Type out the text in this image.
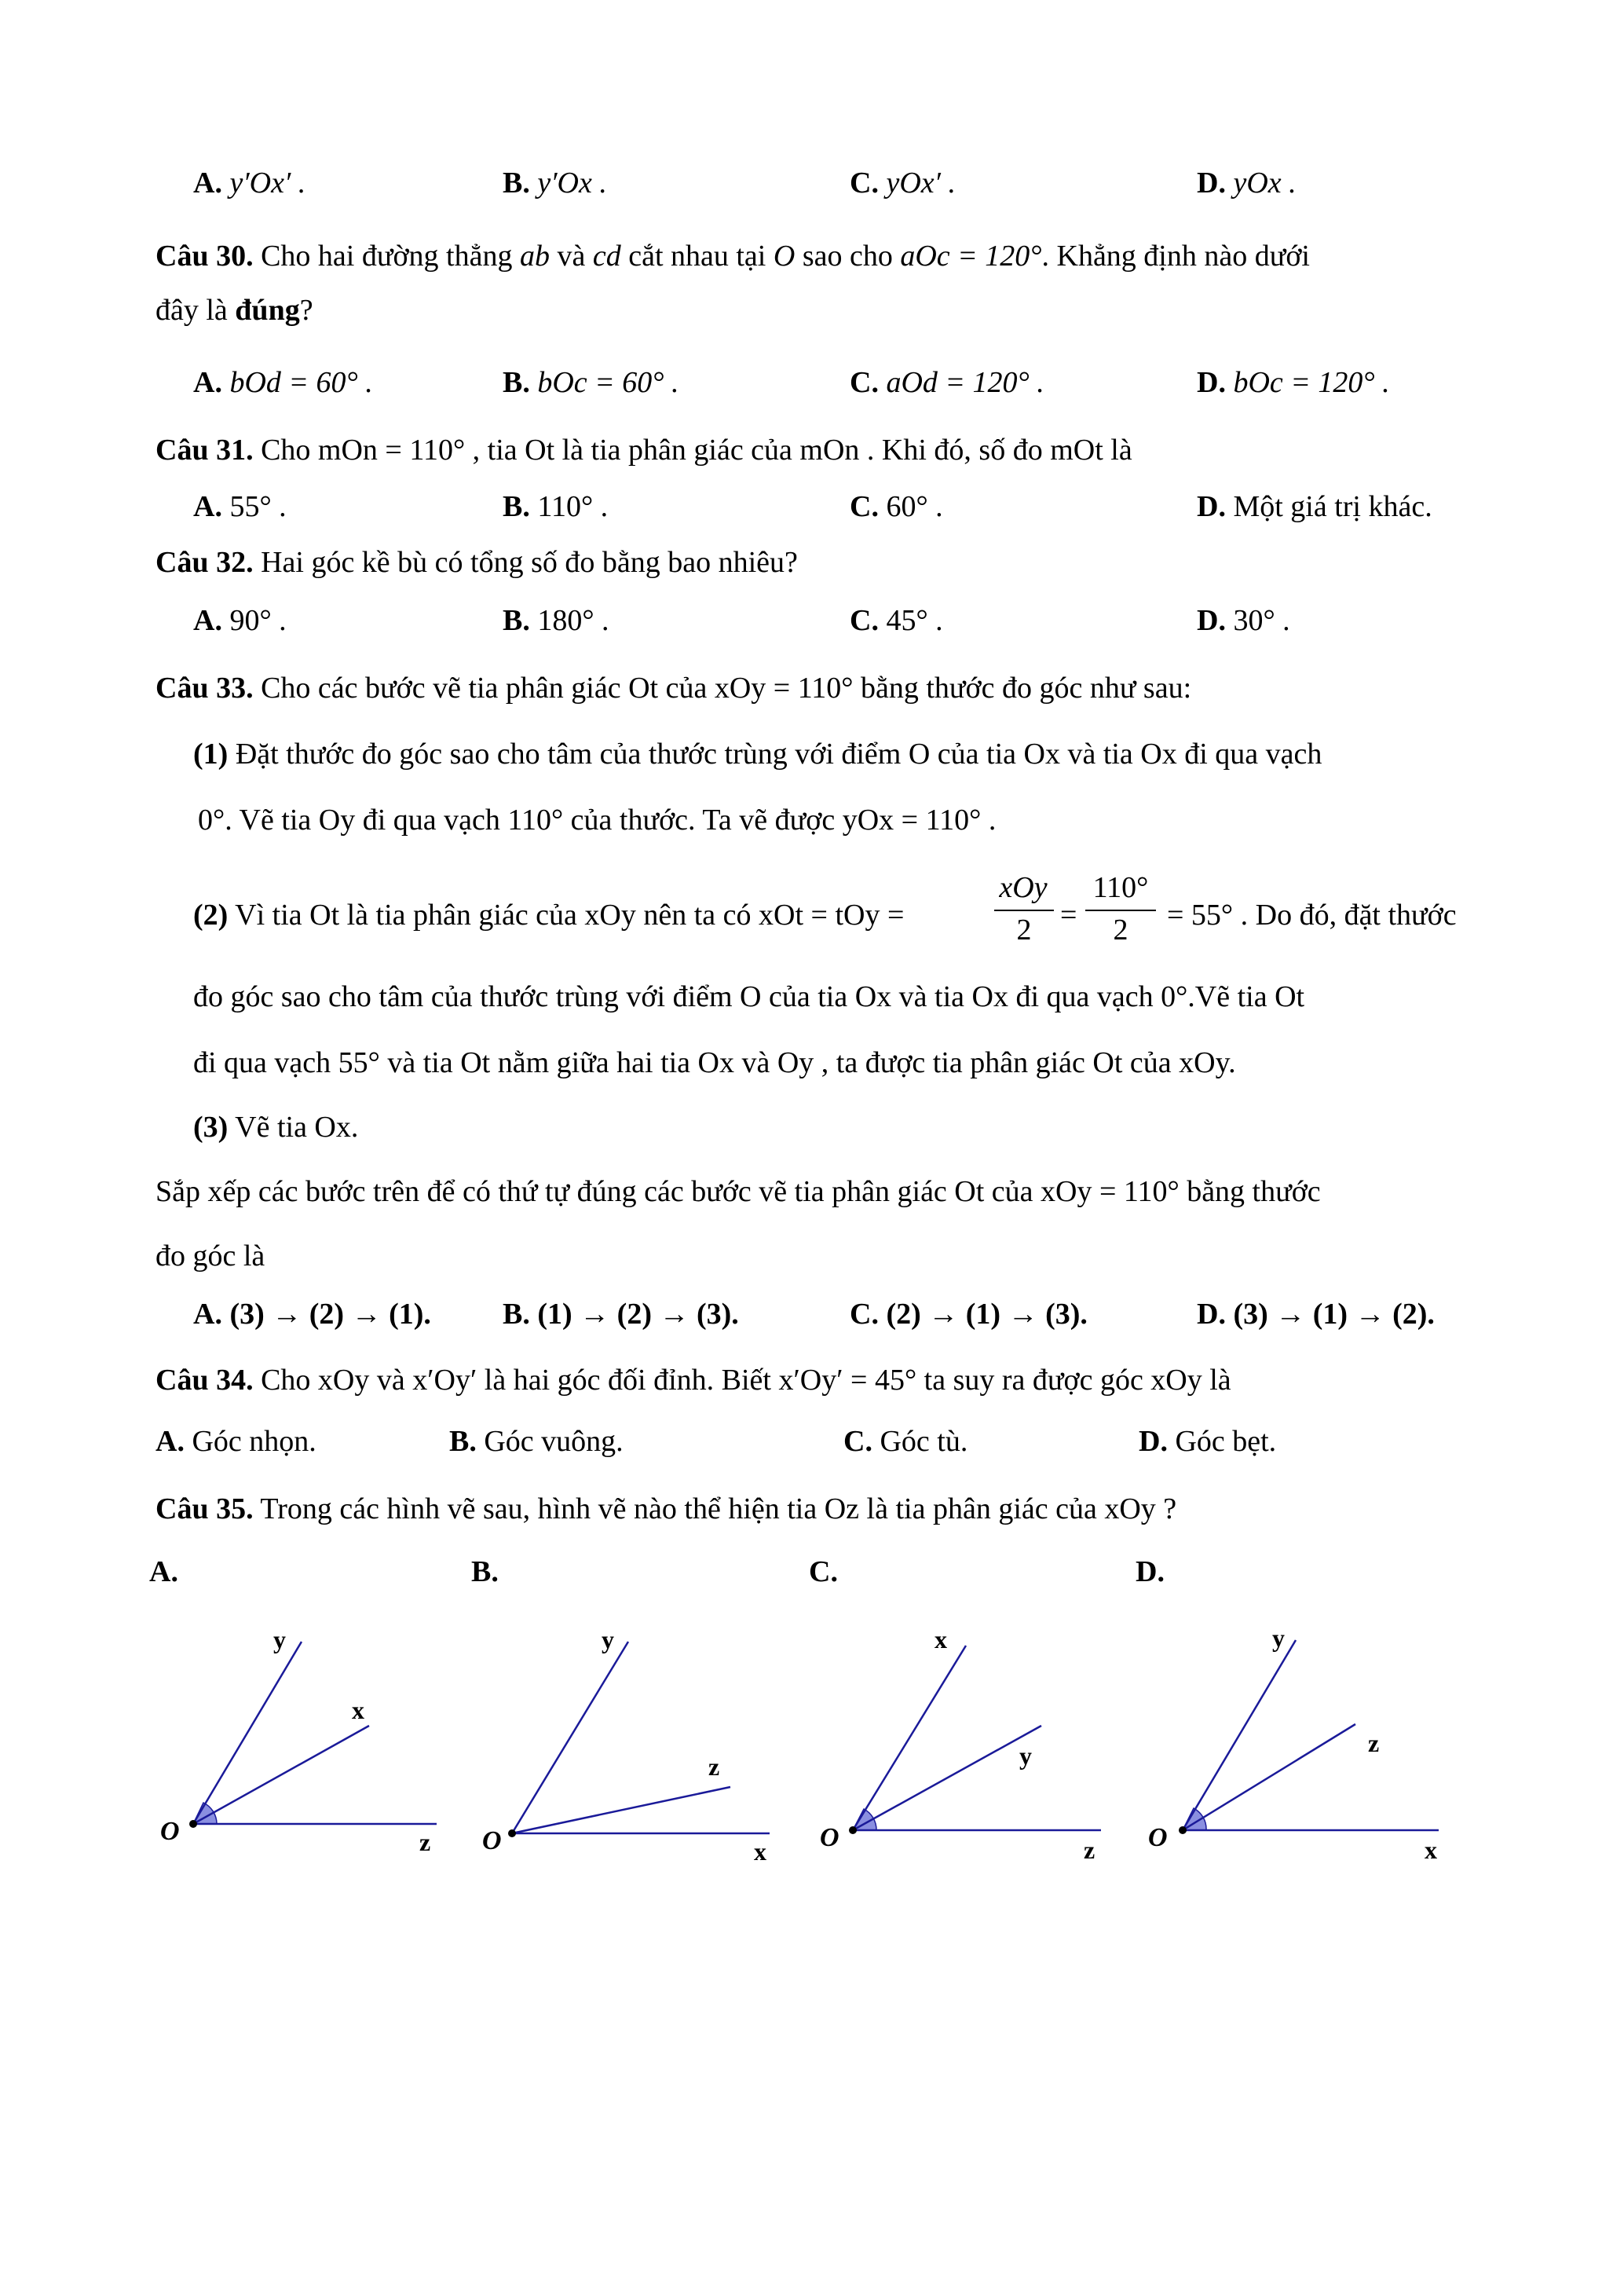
A. y′Ox′ .	B. y′Ox .	C. yOx′ .	D. yOx .
Câu 30. Cho hai đường thẳng ab và cd cắt nhau tại O sao cho aOc = 120°. Khẳng định nào dưới
đây là đúng?
A. bOd = 60° .	B. bOc = 60° .	C. aOd = 120° .	D. bOc = 120° .
Câu 31. Cho mOn = 110° , tia Ot là tia phân giác của mOn . Khi đó, số đo mOt là
A. 55° .	B. 110° .	C. 60° .	D. Một giá trị khác.
Câu 32. Hai góc kề bù có tổng số đo bằng bao nhiêu?
A. 90° .	B. 180° .	C. 45° .	D. 30° .
Câu 33. Cho các bước vẽ tia phân giác Ot của xOy = 110° bằng thước đo góc như sau:
(1) Đặt thước đo góc sao cho tâm của thước trùng với điểm O của tia Ox và tia Ox đi qua vạch
0°. Vẽ tia Oy đi qua vạch 110° của thước. Ta vẽ được yOx = 110° .
(2) Vì tia Ot là tia phân giác của xOy nên ta có xOt = tOy =
xOy
2 =
110°
2 = 55° . Do đó, đặt thước
đo góc sao cho tâm của thước trùng với điểm O của tia Ox và tia Ox đi qua vạch 0°.Vẽ tia Ot
đi qua vạch 55° và tia Ot nằm giữa hai tia Ox và Oy , ta được tia phân giác Ot của xOy.
(3) Vẽ tia Ox.
Sắp xếp các bước trên để có thứ tự đúng các bước vẽ tia phân giác Ot của xOy = 110° bằng thước
đo góc là
A. (3) → (2) → (1). B. (1) → (2) → (3).	C. (2) → (1) → (3).	D. (3) → (1) → (2).
Câu 34. Cho xOy và x′Oy′ là hai góc đối đỉnh. Biết x′Oy′ = 45° ta suy ra được góc xOy là
A. Góc nhọn.	B. Góc vuông.	C. Góc tù.	D. Góc bẹt.
Câu 35. Trong các hình vẽ sau, hình vẽ nào thể hiện tia Oz là tia phân giác của xOy ?
A.	B.	C.	D.
O
y
x
z O
y
z
x O
x
y
z O
y
z
x
